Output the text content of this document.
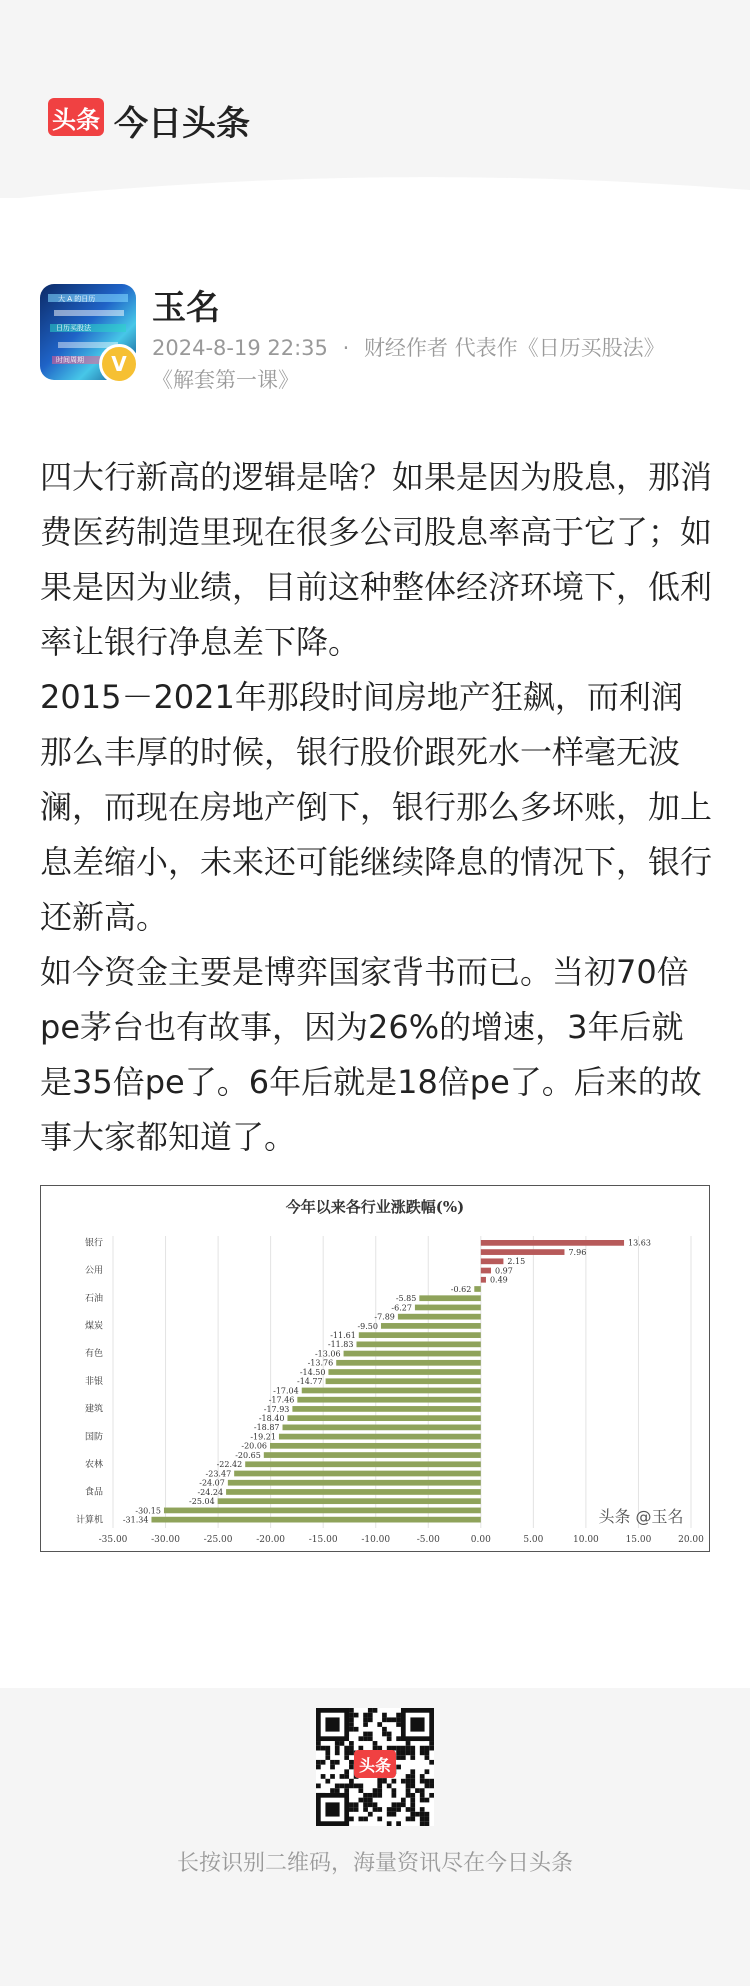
头条 今日头条
大 A 的日历
日历买股法
时间周期	V
玉名
2024-8-19 22:35 · 财经作者 代表作《日历买股法》
《解套第一课》

四大行新高的逻辑是啥？如果是因为股息，那消费医药制造里现在很多公司股息率高于它了；如果是因为业绩，目前这种整体经济环境下，低利率让银行净息差下降。

2015－2021年那段时间房地产狂飙，而利润那么丰厚的时候，银行股价跟死水一样毫无波澜，而现在房地产倒下，银行那么多坏账，加上息差缩小，未来还可能继续降息的情况下，银行还新高。

如今资金主要是博弈国家背书而已。当初70倍pe茅台也有故事，因为26%的增速，3年后就是35倍pe了。6年后就是18倍pe了。后来的故事大家都知道了。

今年以来各行业涨跌幅(%)
-35.00	-30.00	-25.00	-20.00	-15.00	-10.00	-5.00	0.00	5.00	10.00	15.00	20.00
13.63
7.96
2.15
0.97
0.49
-0.62
-5.85
-6.27
-7.89
-9.50
-11.61
-11.83
-13.06
-13.76
-14.50
-14.77
-17.04
-17.46
-17.93
-18.40
-18.87
-19.21
-20.06
-20.65
-22.42
-23.47
-24.07
-24.24
-25.04
-30.15
-31.34
银行
公用
石油
煤炭
有色
非银
建筑
国防
农林
食品
计算机	头条 @玉名
头条
长按识别二维码，海量资讯尽在今日头条
